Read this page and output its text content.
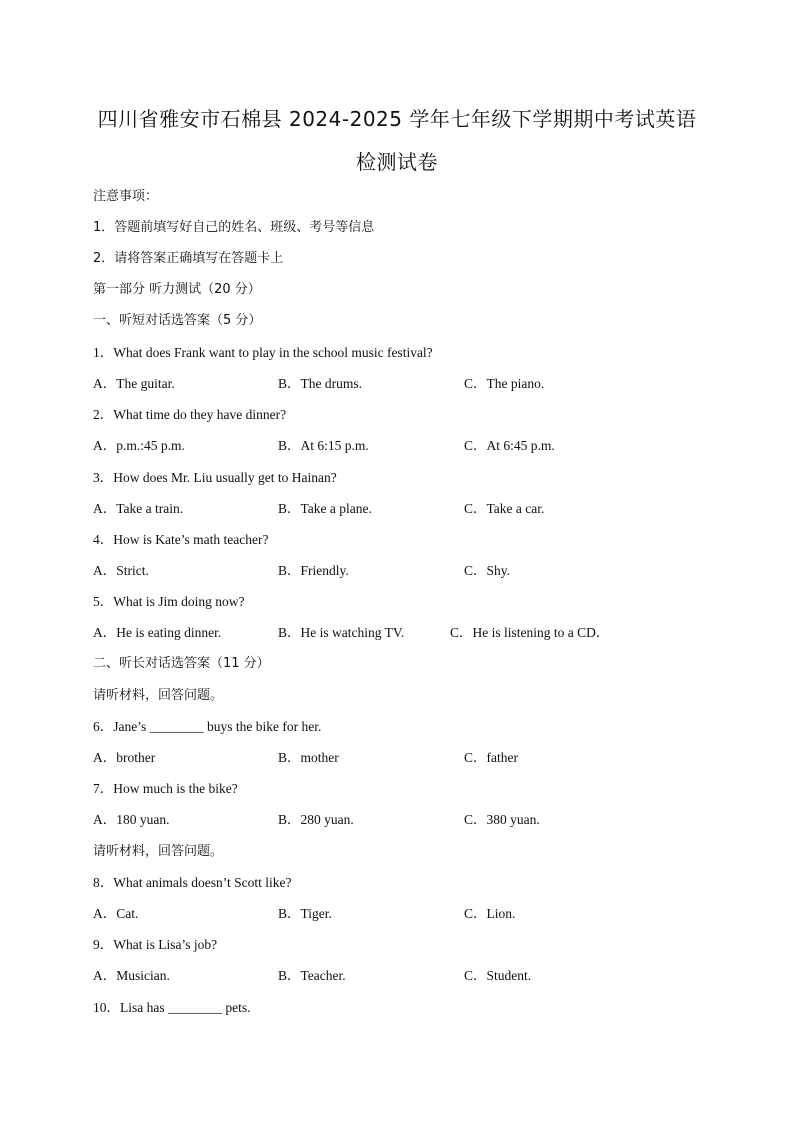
四川省雅安市石棉县 2024-2025 学年七年级下学期期中考试英语
检测试卷
注意事项：
1．答题前填写好自己的姓名、班级、考号等信息
2．请将答案正确填写在答题卡上
第一部分 听力测试（20 分）
一、听短对话选答案（5 分）
1．What does Frank want to play in the school music festival?
A．The guitar.	B．The drums.	C．The piano.
2．What time do they have dinner?
A．p.m.:45 p.m.	B．At 6:15 p.m.	C．At 6:45 p.m.
3．How does Mr. Liu usually get to Hainan?
A．Take a train.	B．Take a plane.	C．Take a car.
4．How is Kate’s math teacher?
A．Strict.	B．Friendly.	C．Shy.
5．What is Jim doing now?
A．He is eating dinner.	B．He is watching TV.	C．He is listening to a CD．
二、听长对话选答案（11 分）
请听材料，回答问题。
6．Jane’s ________ buys the bike for her.
A．brother	B．mother	C．father
7．How much is the bike?
A．180 yuan.	B．280 yuan.	C．380 yuan.
请听材料，回答问题。
8．What animals doesn’t Scott like?
A．Cat.	B．Tiger.	C．Lion.
9．What is Lisa’s job?
A．Musician.	B．Teacher.	C．Student.
10．Lisa has ________ pets.
